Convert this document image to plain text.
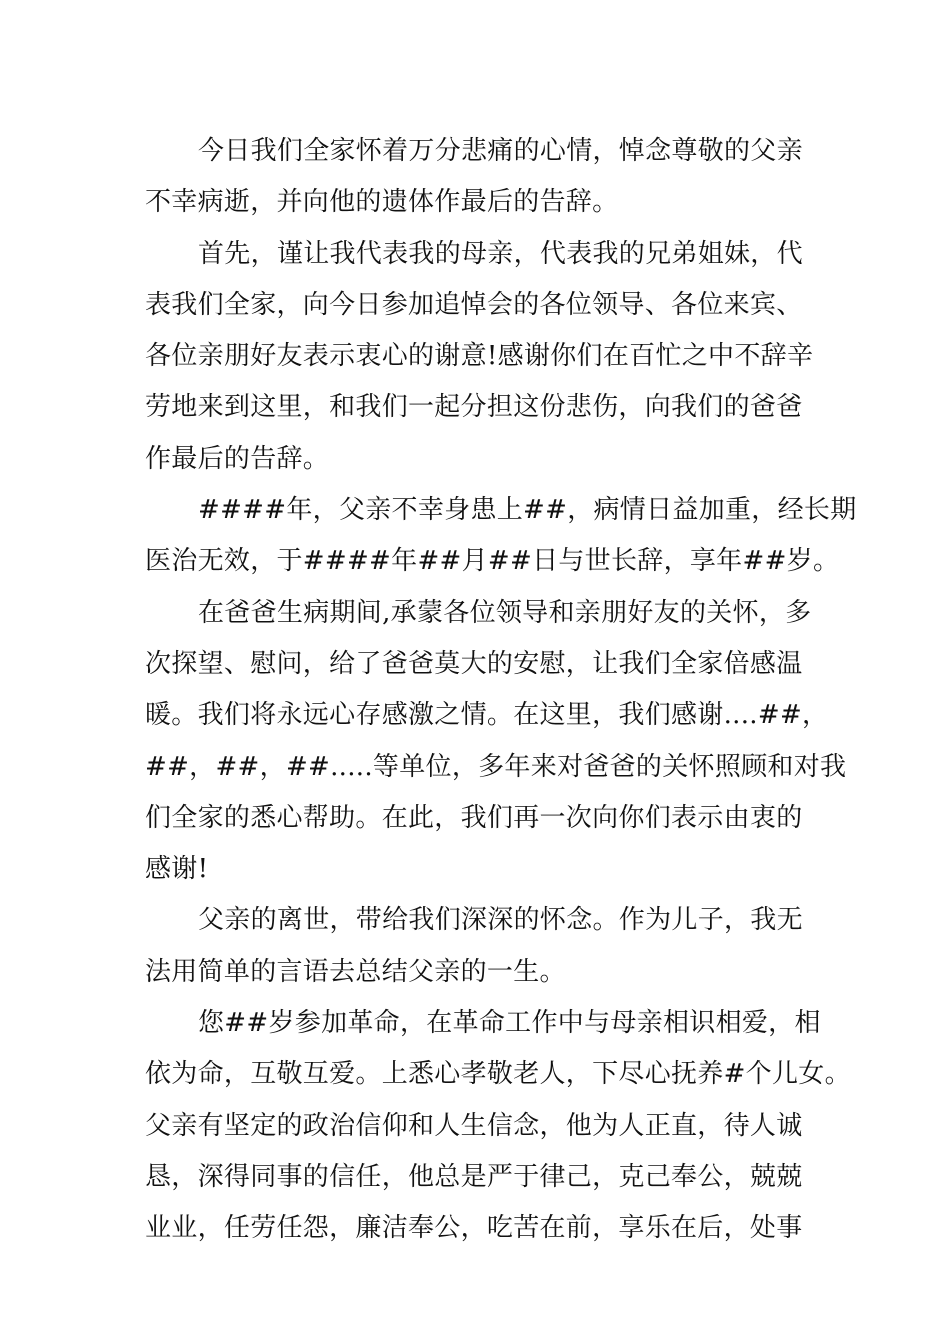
今日我们全家怀着万分悲痛的心情，悼念尊敬的父亲
不幸病逝，并向他的遗体作最后的告辞。
首先，谨让我代表我的母亲，代表我的兄弟姐妹，代
表我们全家，向今日参加追悼会的各位领导、各位来宾、
各位亲朋好友表示衷心的谢意!感谢你们在百忙之中不辞辛
劳地来到这里，和我们一起分担这份悲伤，向我们的爸爸
作最后的告辞。
####年，父亲不幸身患上##，病情日益加重，经长期
医治无效，于####年##月##日与世长辞，享年##岁。
在爸爸生病期间,承蒙各位领导和亲朋好友的关怀，多
次探望、慰问，给了爸爸莫大的安慰，让我们全家倍感温
暖。我们将永远心存感激之情。在这里，我们感谢....##，
##，##，##.....等单位，多年来对爸爸的关怀照顾和对我
们全家的悉心帮助。在此，我们再一次向你们表示由衷的
感谢!
父亲的离世，带给我们深深的怀念。作为儿子，我无
法用简单的言语去总结父亲的一生。
您##岁参加革命，在革命工作中与母亲相识相爱，相
依为命，互敬互爱。上悉心孝敬老人，下尽心抚养#个儿女。
父亲有坚定的政治信仰和人生信念，他为人正直，待人诚
恳，深得同事的信任，他总是严于律己，克己奉公，兢兢
业业，任劳任怨，廉洁奉公，吃苦在前，享乐在后，处事
